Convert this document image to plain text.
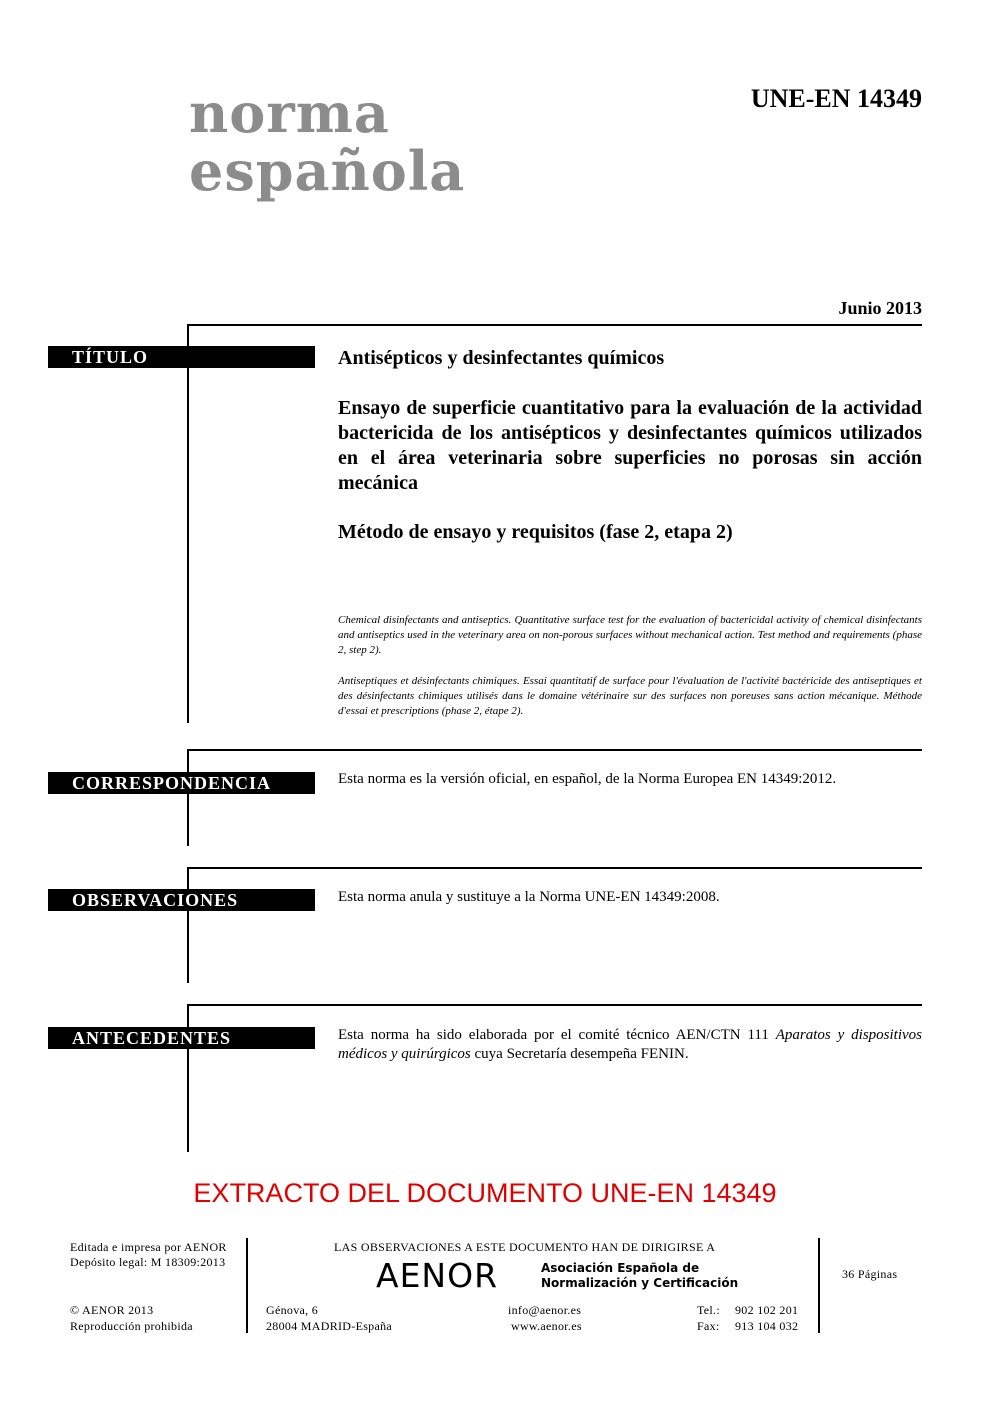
norma
española
UNE-EN 14349
Junio 2013
TÍTULO	Antisépticos y desinfectantes químicos
Ensayo de superficie cuantitativo para la evaluación de la actividad bactericida de los antisépticos y desinfectantes químicos utilizados en el área veterinaria sobre superficies no porosas sin acción mecánica
Método de ensayo y requisitos (fase 2, etapa 2)
Chemical disinfectants and antiseptics. Quantitative surface test for the evaluation of bactericidal activity of chemical disinfectants and antiseptics used in the veterinary area on non-porous surfaces without mechanical action. Test method and requirements (phase 2, step 2).
Antiseptiques et désinfectants chimiques. Essai quantitatif de surface pour l'évaluation de l'activité bactéricide des antiseptiques et des désinfectants chimiques utilisés dans le domaine vétérinaire sur des surfaces non poreuses sans action mécanique. Méthode d'essai et prescriptions (phase 2, étape 2).
CORRESPONDENCIA	Esta norma es la versión oficial, en español, de la Norma Europea EN 14349:2012.
OBSERVACIONES	Esta norma anula y sustituye a la Norma UNE-EN 14349:2008.
ANTECEDENTES	Esta norma ha sido elaborada por el comité técnico AEN/CTN 111 Aparatos y dispositivos médicos y quirúrgicos cuya Secretaría desempeña FENIN.
EXTRACTO DEL DOCUMENTO UNE-EN 14349
Editada e impresa por AENOR
Depósito legal: M 18309:2013
© AENOR 2013
Reproducción prohibida
LAS OBSERVACIONES A ESTE DOCUMENTO HAN DE DIRIGIRSE A
AENOR	Asociación Española de
Normalización y Certificación
Génova, 6
28004 MADRID-España
info@aenor.es
www.aenor.es
Tel.: 902 102 201
Fax: 913 104 032
36 Páginas
